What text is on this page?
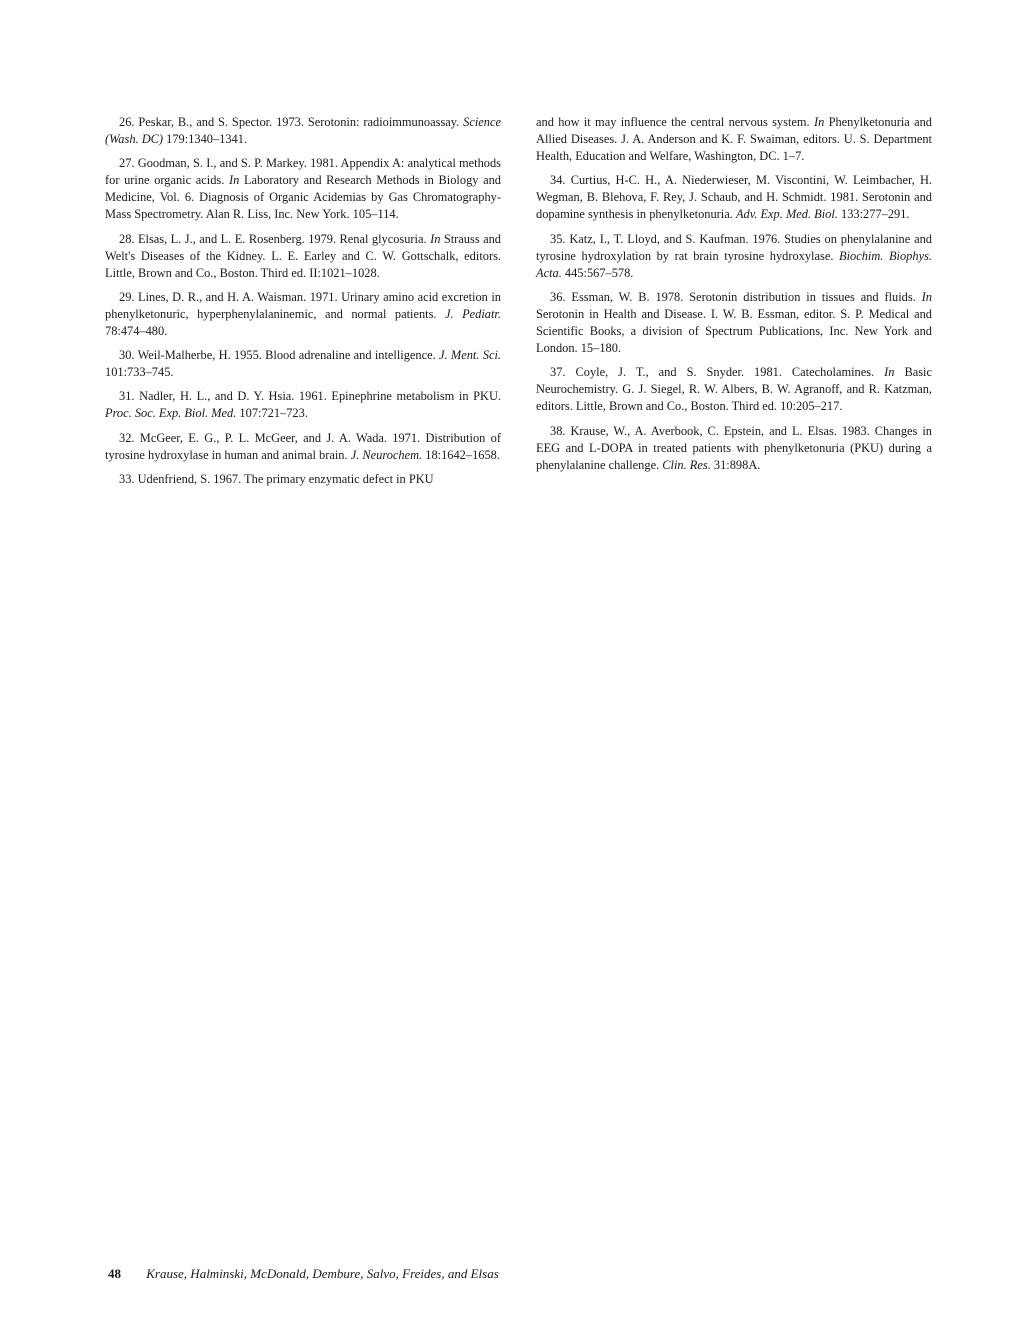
26. Peskar, B., and S. Spector. 1973. Serotonin: radioimmunoassay. Science (Wash. DC) 179:1340–1341.

27. Goodman, S. I., and S. P. Markey. 1981. Appendix A: analytical methods for urine organic acids. In Laboratory and Research Methods in Biology and Medicine, Vol. 6. Diagnosis of Organic Acidemias by Gas Chromatography-Mass Spectrometry. Alan R. Liss, Inc. New York. 105–114.

28. Elsas, L. J., and L. E. Rosenberg. 1979. Renal glycosuria. In Strauss and Welt's Diseases of the Kidney. L. E. Earley and C. W. Gottschalk, editors. Little, Brown and Co., Boston. Third ed. II:1021–1028.

29. Lines, D. R., and H. A. Waisman. 1971. Urinary amino acid excretion in phenylketonuric, hyperphenylalaninemic, and normal patients. J. Pediatr. 78:474–480.

30. Weil-Malherbe, H. 1955. Blood adrenaline and intelligence. J. Ment. Sci. 101:733–745.

31. Nadler, H. L., and D. Y. Hsia. 1961. Epinephrine metabolism in PKU. Proc. Soc. Exp. Biol. Med. 107:721–723.

32. McGeer, E. G., P. L. McGeer, and J. A. Wada. 1971. Distribution of tyrosine hydroxylase in human and animal brain. J. Neurochem. 18:1642–1658.

33. Udenfriend, S. 1967. The primary enzymatic defect in PKU

and how it may influence the central nervous system. In Phenylketonuria and Allied Diseases. J. A. Anderson and K. F. Swaiman, editors. U. S. Department Health, Education and Welfare, Washington, DC. 1–7.

34. Curtius, H-C. H., A. Niederwieser, M. Viscontini, W. Leimbacher, H. Wegman, B. Blehova, F. Rey, J. Schaub, and H. Schmidt. 1981. Serotonin and dopamine synthesis in phenylketonuria. Adv. Exp. Med. Biol. 133:277–291.

35. Katz, I., T. Lloyd, and S. Kaufman. 1976. Studies on phenylalanine and tyrosine hydroxylation by rat brain tyrosine hydroxylase. Biochim. Biophys. Acta. 445:567–578.

36. Essman, W. B. 1978. Serotonin distribution in tissues and fluids. In Serotonin in Health and Disease. I. W. B. Essman, editor. S. P. Medical and Scientific Books, a division of Spectrum Publications, Inc. New York and London. 15–180.

37. Coyle, J. T., and S. Snyder. 1981. Catecholamines. In Basic Neurochemistry. G. J. Siegel, R. W. Albers, B. W. Agranoff, and R. Katzman, editors. Little, Brown and Co., Boston. Third ed. 10:205–217.

38. Krause, W., A. Averbook, C. Epstein, and L. Elsas. 1983. Changes in EEG and L-DOPA in treated patients with phenylketonuria (PKU) during a phenylalanine challenge. Clin. Res. 31:898A.

48 Krause, Halminski, McDonald, Dembure, Salvo, Freides, and Elsas
